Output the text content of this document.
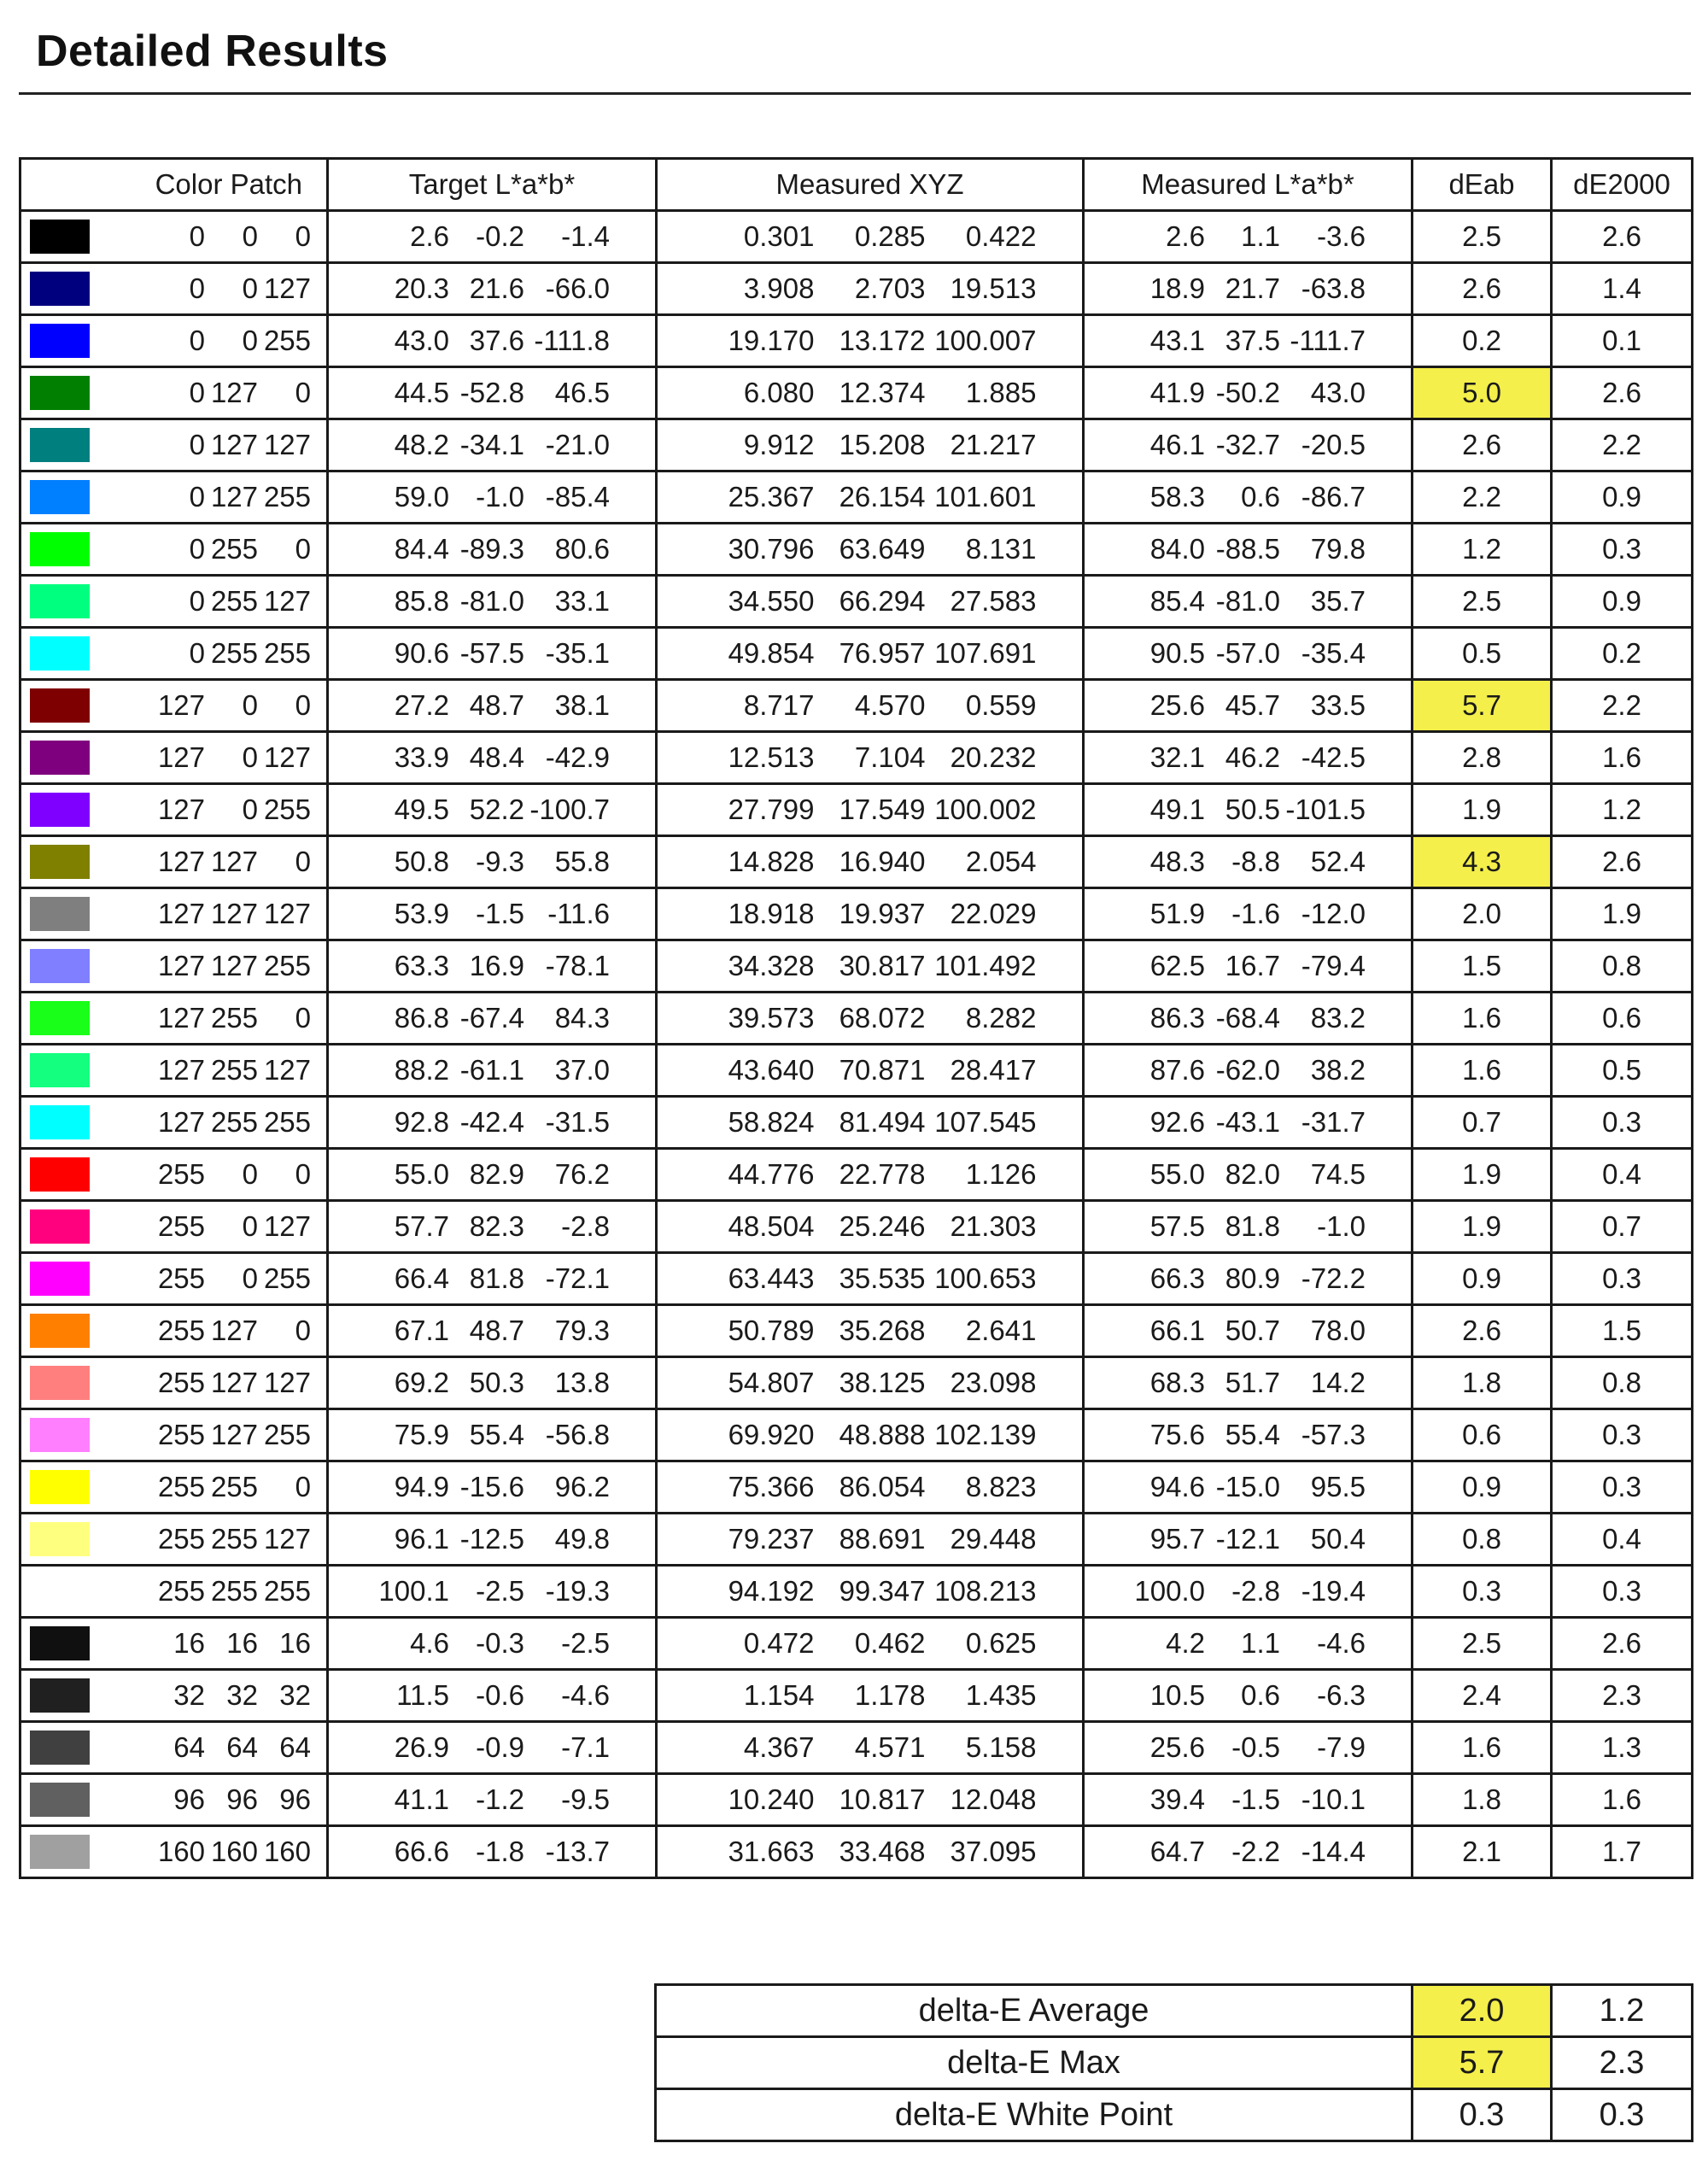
Detailed Results
Color Patch	Target L*a*b*	Measured XYZ	Measured L*a*b*	dEab	dE2000

0 0 0	2.6 -0.2 -1.4	0.301 0.285 0.422	2.6 1.1 -3.6	2.5	2.6

0 0 127	20.3 21.6 -66.0	3.908 2.703 19.513	18.9 21.7 -63.8	2.6	1.4

0 0 255	43.0 37.6 -111.8	19.170 13.172 100.007	43.1 37.5 -111.7	0.2	0.1

0 127 0	44.5 -52.8 46.5	6.080 12.374 1.885	41.9 -50.2 43.0	5.0	2.6

0 127 127	48.2 -34.1 -21.0	9.912 15.208 21.217	46.1 -32.7 -20.5	2.6	2.2

0 127 255	59.0 -1.0 -85.4	25.367 26.154 101.601	58.3 0.6 -86.7	2.2	0.9

0 255 0	84.4 -89.3 80.6	30.796 63.649 8.131	84.0 -88.5 79.8	1.2	0.3

0 255 127	85.8 -81.0 33.1	34.550 66.294 27.583	85.4 -81.0 35.7	2.5	0.9

0 255 255	90.6 -57.5 -35.1	49.854 76.957 107.691	90.5 -57.0 -35.4	0.5	0.2

127 0 0	27.2 48.7 38.1	8.717 4.570 0.559	25.6 45.7 33.5	5.7	2.2

127 0 127	33.9 48.4 -42.9	12.513 7.104 20.232	32.1 46.2 -42.5	2.8	1.6

127 0 255	49.5 52.2 -100.7	27.799 17.549 100.002	49.1 50.5 -101.5	1.9	1.2

127 127 0	50.8 -9.3 55.8	14.828 16.940 2.054	48.3 -8.8 52.4	4.3	2.6

127 127 127	53.9 -1.5 -11.6	18.918 19.937 22.029	51.9 -1.6 -12.0	2.0	1.9

127 127 255	63.3 16.9 -78.1	34.328 30.817 101.492	62.5 16.7 -79.4	1.5	0.8

127 255 0	86.8 -67.4 84.3	39.573 68.072 8.282	86.3 -68.4 83.2	1.6	0.6

127 255 127	88.2 -61.1 37.0	43.640 70.871 28.417	87.6 -62.0 38.2	1.6	0.5

127 255 255	92.8 -42.4 -31.5	58.824 81.494 107.545	92.6 -43.1 -31.7	0.7	0.3

255 0 0	55.0 82.9 76.2	44.776 22.778 1.126	55.0 82.0 74.5	1.9	0.4

255 0 127	57.7 82.3 -2.8	48.504 25.246 21.303	57.5 81.8 -1.0	1.9	0.7

255 0 255	66.4 81.8 -72.1	63.443 35.535 100.653	66.3 80.9 -72.2	0.9	0.3

255 127 0	67.1 48.7 79.3	50.789 35.268 2.641	66.1 50.7 78.0	2.6	1.5

255 127 127	69.2 50.3 13.8	54.807 38.125 23.098	68.3 51.7 14.2	1.8	0.8

255 127 255	75.9 55.4 -56.8	69.920 48.888 102.139	75.6 55.4 -57.3	0.6	0.3

255 255 0	94.9 -15.6 96.2	75.366 86.054 8.823	94.6 -15.0 95.5	0.9	0.3

255 255 127	96.1 -12.5 49.8	79.237 88.691 29.448	95.7 -12.1 50.4	0.8	0.4

255 255 255	100.1 -2.5 -19.3	94.192 99.347 108.213	100.0 -2.8 -19.4	0.3	0.3

16 16 16	4.6 -0.3 -2.5	0.472 0.462 0.625	4.2 1.1 -4.6	2.5	2.6

32 32 32	11.5 -0.6 -4.6	1.154 1.178 1.435	10.5 0.6 -6.3	2.4	2.3

64 64 64	26.9 -0.9 -7.1	4.367 4.571 5.158	25.6 -0.5 -7.9	1.6	1.3

96 96 96	41.1 -1.2 -9.5	10.240 10.817 12.048	39.4 -1.5 -10.1	1.8	1.6

160 160 160	66.6 -1.8 -13.7	31.663 33.468 37.095	64.7 -2.2 -14.4	2.1	1.7
delta-E Average	2.0	1.2
delta-E Max	5.7	2.3
delta-E White Point	0.3	0.3
